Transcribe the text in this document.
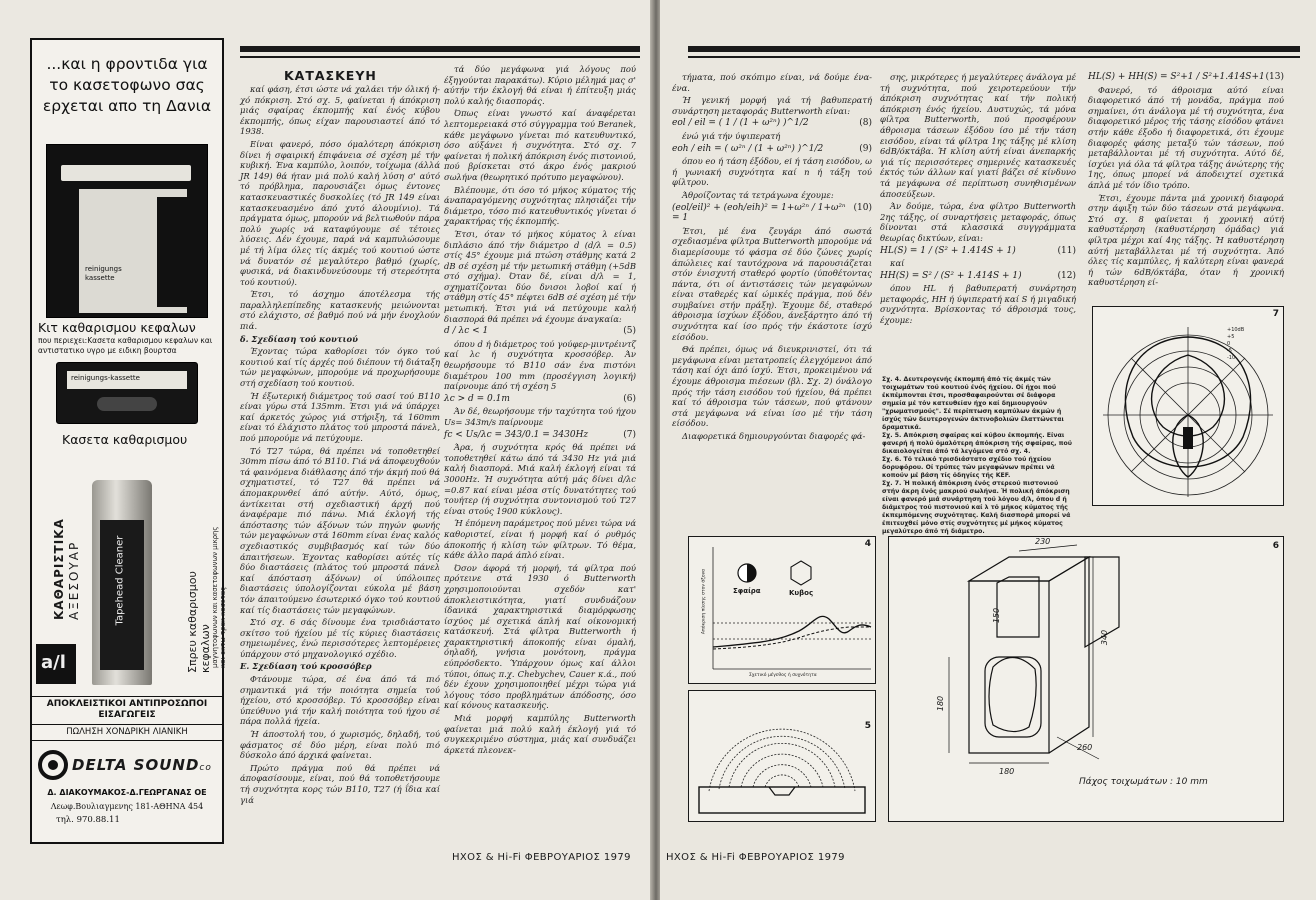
...και η φροντιδα για το κασετοφωνο σας ερχεται απο τη Δανια
reinigungs
kassette
Κιτ καθαρισμου κεφαλων
που περιεχει:Κασετα καθαρισμου κεφαλων και αντιστατικο υγρο με ειδικη βουρτσα
reinigungs-kassette
Κασετα καθαρισμου
ΚΑΘΑΡΙΣΤΙΚΑ ΑΞΕΣΟΥΑΡ
a/l
Tapehead Cleaner	Σπρευ καθαρισμου κεφαλων μαγνητοφωνων και κασετοφωνων μικρης και οκτω τρακ κασετας
ΑΠΟΚΛΕΙΣΤΙΚΟΙ ΑΝΤΙΠΡΟΣΩΠΟΙ ΕΙΣΑΓΩΓΕΙΣ
ΠΩΛΗΣΗ ΧΟΝΔΡΙΚΗ ΛΙΑΝΙΚΗ
DELTA SOUNDco
Δ. ΔΙΑΚΟΥΜΑΚΟΣ-Δ.ΓΕΩΡΓΑΝΑΣ ΟΕ
Λεωφ.Βουλιαγμενης 181-ΑΘΗΝΑ 454
τηλ. 970.88.11
ΚΑΤΑΣΚΕΥΗ

καί φάση, έτσι ώστε νά χαλάει τήν όλική ή-χό πόκριση. Στό σχ. 5, φαίνεται ή άπόκριση μιάς σφαίρας έκπομπής καί ένός κύβου έκπομπής, όπως είχαν παρουσιαστεί άπό τό 1938.

Είναι φανερό, πόσο όμαλότερη άπόκριση δίνει ή σφαιρική έπιφάνεια σέ σχέση μέ τήν κυβική. Ένα καμπύλο, λοιπόν, τοίχωμα (άλλά JR 149) θά ήταν μιά πολύ καλή λύση σ' αύτό τό πρόβλημα, παρουσιάζει όμως έντονες κατασκευαστικές δυσκολίες (τό JR 149 είναι κατασκευασμένο άπό χυτό άλουμίνιο). Τά πράγματα όμως, μπορούν νά βελτιωθούν πάρα πολύ χωρίς νά καταφύγουμε σέ τέτοιες λύσεις. Δέν έχουμε, παρά νά καμπυλώσουμε μέ τή λίμα όλες τίς άκμές τού κουτιού ώστε νά δυνατόν σέ μεγαλύτερο βαθμό (χωρίς, φυσικά, νά διακινδυνεύσουμε τή στερεότητα τού κουτιού).

Έτσι, τό άσχημο άποτέλεσμα τής παραλληλεπίπεδης κατασκευής μειώνονται στό ελάχιστο, σέ βαθμό πού νά μήν ένοχλούν πιά.

δ. Σχεδίαση τού κουτιού

Έχοντας τώρα καθορίσει τόν όγκο τού κουτιού καί τίς άρχές πού διέπουν τή διάταξη τών μεγαφώνων, μπορούμε νά προχωρήσουμε στή σχεδίαση τού κουτιού.

Ή έξωτερική διάμετρος τού σασί τού B110 είναι γύρω στά 135mm. Έτσι γιά νά ύπάρχει καί άρκετός χώρος γιά στήριξη, τά 160mm είναι τό έλάχιστο πλάτος τού μπροστά πάνελ, πού μπορούμε νά πετύχουμε.

Τό T27 τώρα, θά πρέπει νά τοποθετηθεί 30mm πίσω άπό τό B110. Γιά νά άποφευχθούν τά φαινόμενα διάθλασης άπό τήν άκμή πού θά σχηματιστεί, τό T27 θά πρέπει νά άπομακρυνθεί άπό αύτήν. Αύτό, όμως, άντίκειται στή σχεδιαστική άρχή πού άναφέραμε πιό πάνω. Μιά έκλογή τής άπόστασης τών άξόνων τών πηγών φωνής τών μεγαφώνων στά 160mm είναι ένας καλός σχεδιαστικός συμβιβασμός καί τών δύο άπαιτήσεων. Έχοντας καθορίσει αύτές τίς δύο διαστάσεις (πλάτος τού μπροστά πάνελ καί άπόσταση άξόνων) οί ύπόλοιπες διαστάσεις ύπολογίζονται εύκολα μέ βάση τόν άπαιτούμενο έσωτερικό όγκο τού κουτιού καί τίς διαστάσεις τών μεγαφώνων.

Στό σχ. 6 σάς δίνουμε ένα τρισδιάστατο σκίτσο τού ήχείου μέ τίς κύριες διαστάσεις σημειωμένες, ένώ περισσότερες λεπτομέρειες ύπάρχουν στό μηχανολογικό σχέδιο.

Ε. Σχεδίαση τού κροσσόβερ

Φτάνουμε τώρα, σέ ένα άπό τά πιό σημαντικά γιά τήν ποιότητα σημεία τού ήχείου, στό κροσσόβερ. Τό κροσσόβερ είναι ύπεύθυνο γιά τήν καλή ποιότητα τού ήχου σέ πάρα πολλά ήχεία.

Ή άποστολή του, ό χωρισμός, δηλαδή, τού φάσματος σέ δύο μέρη, είναι πολύ πιό δύσκολο άπό άρχικά φαίνεται.

Πρώτο πράγμα πού θά πρέπει νά άποφασίσουμε, είναι, πού θά τοποθετήσουμε τή συχνότητα κορς τών B110, T27 (ή ΐδια καί γιά

τά δύο μεγάφωνα γιά λόγους πού έξηγούνται παρακάτω). Κύριο μέλημά μας σ' αύτήν τήν έκλογή θά είναι ή έπίτευξη μιάς πολύ καλής διασποράς.

Όπως είναι γνωστό καί άναφέρεται λεπτομερειακά στό σύγγραμμα τού Beranek, κάθε μεγάφωνο γίνεται πιό κατευθυντικό, όσο αύξάνει ή συχνότητα. Στό σχ. 7 φαίνεται ή πολική άπόκριση ένός πιστονιού, πού βρίσκεται στό άκρο ένός μακριού σωλήνα (θεωρητικό πρότυπο μεγαφώνου).

Βλέπουμε, ότι όσο τό μήκος κύματος τής άναπαραγόμενης συχνότητας πλησιάζει τήν διάμετρο, τόσο πιό κατευθυντικός γίνεται ό χαρακτήρας τής έκπομπής.

Έτσι, όταν τό μήκος κύματος λ είναι διπλάσιο άπό τήν διάμετρο d (d/λ = 0.5) στίς 45° έχουμε μιά πτώση στάθμης κατά 2 dB σέ σχέση μέ τήν μετωπική στάθμη (+5dB στό σχήμα). Όταν δέ, είναι d/λ = 1, σχηματίζονται δύο δνισοι λοβοί καί ή στάθμη στίς 45° πέφτει 6dB σέ σχέση μέ τήν μετωπική. Έτσι γιά νά πετύχουμε καλή διασπορά θά πρέπει νά έχουμε άναγκαία:

d / λc < 1	(5)

όπου d ή διάμετρος τού γούφερ-μιντρέιντζ καί λc ή συχνότητα κροσσόβερ. Άν θεωρήσουμε τό B110 σάν ένα πιστόνι διαμέτρου 100 mm (προσέγγιση λογική) παίρνουμε άπό τή σχέση 5

λc > d = 0.1m	(6)

Άν δέ, θεωρήσουμε τήν ταχύτητα τού ήχου Us= 343m/s παίρνουμε

fc < Us/λc = 343/0.1 = 3430Hz	(7)

Άρα, ή συχνότητα κρός θά πρέπει νά τοποθετηθεί κάτω άπό τά 3430 Hz γιά μιά καλή διασπορά. Μιά καλή έκλογή είναι τά 3000Hz. Ή συχνότητα αύτή μάς δίνει d/λc =0.87 καί είναι μέσα στίς δυνατότητες τού τουήτερ (ή συχνότητα συντονισμού τού T27 είναι στούς 1900 κύκλους).

Ή έπόμενη παράμετρος πού μένει τώρα νά καθοριστεί, είναι ή μορφή καί ό ρυθμός άποκοπής ή κλίση τών φίλτρων. Τό θέμα, κάθε άλλο παρά άπλό είναι.

Όσον άφορά τή μορφή, τά φίλτρα πού πρότεινε στά 1930 ό Butterworth χρησιμοποιούνται σχεδόν κατ' άποκλειστικότητα, γιατί συνδυάζουν ίδανικά χαρακτηριστικά διαμόρφωσης ίσχύος μέ σχετικά άπλή καί οίκονομική κατάσκευή. Στά φίλτρα Butterworth ή χαρακτηριστική άποκοπής είναι όμαλή, όηλαδή, γνήσια μονότονη, πράγμα εύπρόσδεκτο. Ύπάρχουν όμως καί άλλοι τύποι, όπως π.χ. Chebychev, Cauer κ.ά., πού δέν έχουν χρησιμοποιηθεί μέχρι τώρα γιά λόγους τόσο προβλημάτων άπόδοσης, όσο καί κόνους κατασκευής.

Μιά μορφή καμπύλης Butterworth φαίνεται μιά πολύ καλή έκλογή γιά τό συγκεκριμένο σύστημα, μιάς καί συνδυάζει άρκετά πλεονεκ-

ΗΧΟΣ & Hi-Fi ΦΕΒΡΟΥΑΡΙΟΣ 1979

τήματα, πού σκόπιμο είναι, νά δούμε ένα-ένα.

Ή γενική μορφή γιά τή βαθυπερατή συνάρτηση μεταφοράς Butterworth είναι:

eol / eil = ( 1 / (1 + ω²ⁿ) )^1/2	(8)

ένώ γιά τήν ύψιπερατή

eoh / eih = ( ω²ⁿ / (1 + ω²ⁿ) )^1/2	(9)

όπου eo ή τάση έξόδου, ei ή τάση εισόδου, ω ή γωνιακή συχνότητα καί n ή τάξη τού φίλτρου.

Άθροίζοντας τά τετράγωνα έχουμε:

(eol/eil)² + (eoh/eih)² = 1+ω²ⁿ / 1+ω²ⁿ = 1
(10)

Έτσι, μέ ένα ζευγάρι άπό σωστά σχεδιασμένα φίλτρα Butterworth μπορούμε νά διαμερίσουμε τό φάσμα σέ δύο ζώνες χωρίς άπώλειες καί ταυτόχρονα νά παρουσιάζεται στόν ένισχυτή σταθερό φορτίο (ύποθέτοντας πάντα, ότι οί άντιστάσεις τών μεγαφώνων είναι σταθερές καί ώμικές πράγμα, πού δέν συμβαίνει στήν πράξη). Έχουμε δέ, σταθερό άθροισμα ίσχύων έξόδου, άνεξάρτητο άπό τή συχνότητα καί ίσο πρός τήν έκάστοτε ίσχύ είσόδου.

Θά πρέπει, όμως νά διευκρινιστεί, ότι τά μεγάφωνα είναι μετατροπείς έλεγχόμενοι άπό τάση καί όχι άπό ίσχύ. Έτσι, προκειμένου νά έχουμε άθροισμα πιέσεων (βλ. Σχ. 2) όνάλογο πρός τήν τάση εισόδου τού ήχείου, θά πρέπει καί τό άθροισμα τών τάσεων, πού φτάνουν στά μεγάφωνα νά είναι ίσο μέ τήν τάση είσόδου.

Διαφορετικά δημιουργούνται διαφορές φά-

σης, μικρότερες ή μεγαλύτερες άνάλογα μέ τή συχνότητα, πού χειροτερεύουν τήν άπόκριση συχνότητας καί τήν πολική άπόκριση ένός ήχείου. Δυστυχώς, τά μόνα φίλτρα Butterworth, πού προσφέρουν άθροισμα τάσεων έξόδου ίσο μέ τήν τάση εισόδου, είναι τά φίλτρα 1ης τάξης μέ κλίση 6dB/όκτάβα. Ή κλίση αύτή είναι άνεπαρκής γιά τίς περισσότερες σημερινές κατασκευές έκτός τών άλλων καί γιατί βάζει σέ κίνδυνο τά μεγάφωνα σέ περίπτωση συνηθισμένων άποσεύξεων.

Άν δούμε, τώρα, ένα φίλτρο Butterworth 2ης τάξης, οί συναρτήσεις μεταφοράς, όπως δίνονται στά κλασσικά συγγράμματα θεωρίας δικτύων, είναι:

HL(S) = 1 / (S² + 1.414S + 1)	(11)

καί

HH(S) = S² / (S² + 1.414S + 1)	(12)

όπου HL ή βαθυπερατή συνάρτηση μεταφοράς, HH ή ύψιπερατή καί S ή μιγαδική συχνότητα. Βρίσκοντας τό άθροισμά τους, έχουμε:

Σχ. 4. Δευτερογενής έκπομπή άπό τίς άκμές τών τοιχωμάτων τού κουτιού ένός ήχείου. Οί ήχοι πού έκπέμπονται έτσι, προσθαφαιρούνται σέ διάφορα σημεία μέ τόν κατευθείαν ήχο καί δημιουργούν "χρωματισμούς". Σέ περίπτωση καμπύλων άκμών ή ίσχύς τών δευτερογενών άκτινοβολιών έλαττώνεται δραματικά.

Σχ. 5. Απόκριση σφαίρας καί κύβου έκπομπής. Είναι φανερή ή πολύ όμαλότερη άπόκριση τής σφαίρας, πού δικαιολογείται άπό τά λεγόμενα στό σχ. 4.

Σχ. 6. Τό τελικό τρισδιάστατο σχέδιο τού ήχείου δορυφόρου. Οί τρύπες τών μεγαφώνων πρέπει νά κοπούν μέ βάση τίς όδηγίες τής KEF.

Σχ. 7. Ή πολική άπόκριση ένός στερεού πιστονιού στήν άκρη ένός μακριού σωλήνα. Ή πολική άπόκριση είναι φανερό μιά συνάρτηση τού λόγου d/λ, όπου d ή διάμετρος τού πιστονιού καί λ τό μήκος κύματος τής έκπεμπόμενης συχνότητας. Καλή διασπορά μπορεί νά έπιτευχθεί μόνο στίς συχνότητες μέ μήκος κύματος μεγαλύτερο άπό τή διάμετρο.

HL(S) + HH(S) = S²+1 / S²+1.414S+1 (13)

Φανερό, τό άθροισμα αύτό είναι διαφορετικό άπό τή μονάδα, πράγμα πού σημαίνει, ότι άνάλογα μέ τή συχνότητα, ένα διαφορετικό μέρος τής τάσης είσόδου φτάνει στήν κάθε έξοδο ή διαφορετικά, ότι έχουμε διαφορές φάσης μεταξύ τών τάσεων, πού μεταβάλλονται μέ τή συχνότητα. Αύτό δέ, ίσχύει γιά όλα τά φίλτρα τάξης άνώτερης τής 1ης, όπως μπορεί νά άποδειχτεί σχετικά άπλά μέ τόν ίδιο τρόπο.

Έτσι, έχουμε πάντα μιά χρονική διαφορά στην άφιξη τών δύο τάσεων στά μεγάφωνα. Στό σχ. 8 φαίνεται ή χρονική αύτή καθυστέρηση (καθυστέρηση όμάδας) γιά φίλτρα μέχρι καί 4ης τάξης. Ή καθυστέρηση αύτή μεταβάλλεται μέ τή συχνότητα. Άπό όλες τίς καμπύλες, ή καλύτερη είναι φανερά ή τών 6dB/όκτάβα, όταν ή χρονική καθυστέρηση εί-

7
+10dB
+5
0
-5
-10
4
Σφαίρα	Κυβος
Απόκριση πίεσης στον άξονα
Σχετικό μέγεθος ή συχνότητα
5
6
230
150
340
180
260
180
Πάχος τοιχωμάτων : 10 mm
ΗΧΟΣ & Hi-Fi ΦΕΒΡΟΥΑΡΙΟΣ 1979
